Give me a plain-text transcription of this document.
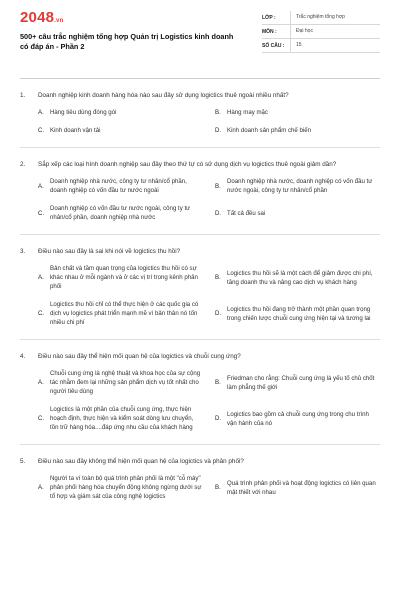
2048.vn
500+ câu trắc nghiệm tổng hợp Quản trị Logistics kinh doanh có đáp án - Phần 2
LỚP :	Trắc nghiệm tổng hợp
MÔN :	Đại học
SỐ CÂU :	15
1.	Doanh nghiệp kinh doanh hàng hóa nào sau đây sử dụng logictics thuê ngoài nhiều nhất?
A.	Hàng tiêu dùng đóng gói	B.	Hàng may mặc
C. Kinh doanh vận tải	D. Kinh doanh sản phẩm chế biến
2.	Sắp xếp các loại hình doanh nghiệp sau đây theo thứ tự có sử dụng dịch vụ logictics thuê ngoài giảm dần?
A.
Doanh nghiệp nhà nước, công ty tư nhân/cổ phần, doanh nghiệp có vốn đầu tư nước ngoài
B.
Doanh nghiệp nhà nước, doanh nghiệp có vốn đầu tư nước ngoài, công ty tư nhân/cổ phần
C.
Doanh nghiệp có vốn đầu tư nước ngoài, công ty tư nhân/cổ phần, doanh nghiệp nhà nước
D. Tất cả đều sai
3.	Điều nào sau đây là sai khi nói về logictics thu hồi?
A.
Bản chất và tầm quan trọng của logictics thu hồi có sự khác nhau ở mỗi ngành và ở các vị trí trong kênh phân phối
B.
Logictics thu hồi sẽ là một cách để giảm được chi phí, tăng doanh thu và nâng cao dịch vụ khách hàng
C.
Logictics thu hồi chỉ có thể thực hiện ở các quốc gia có dịch vụ logictics phát triển mạnh mẽ vì bản thân nó tốn nhiều chi phí
D.
Logictics thu hồi đang trở thành một phần quan trọng trong chiến lược chuỗi cung ứng hiện tại và tương lai
4.	Điều nào sau đây thể hiện mối quan hệ của logictics và chuỗi cung ứng?
A.
Chuỗi cung ứng là nghệ thuật và khoa học của sự cộng tác nhằm đem lại những sản phẩm dịch vụ tốt nhất cho người tiêu dùng
B.
Friedman cho rằng: Chuỗi cung ứng là yếu tố chủ chốt làm phẳng thế giới
C.
Logictics là một phần của chuỗi cung ứng, thực hiện hoạch định, thực hiện và kiểm soát dòng lưu chuyển, tồn trữ hàng hóa....đáp ứng nhu cầu của khách hàng
D.
Logictics bao gồm cả chuỗi cung ứng trong chu trình vận hành của nó
5.	Điều nào sau đây không thể hiện mối quan hệ của logictics và phân phối?
A.
Người ta ví toàn bộ quá trình phân phối là một "cỗ máy" phân phối hàng hóa chuyển động không ngừng dưới sự tổ hợp và giám sát của công nghệ logictics
B.
Quá trình phân phối và hoạt động logictics có liên quan mật thiết với nhau
